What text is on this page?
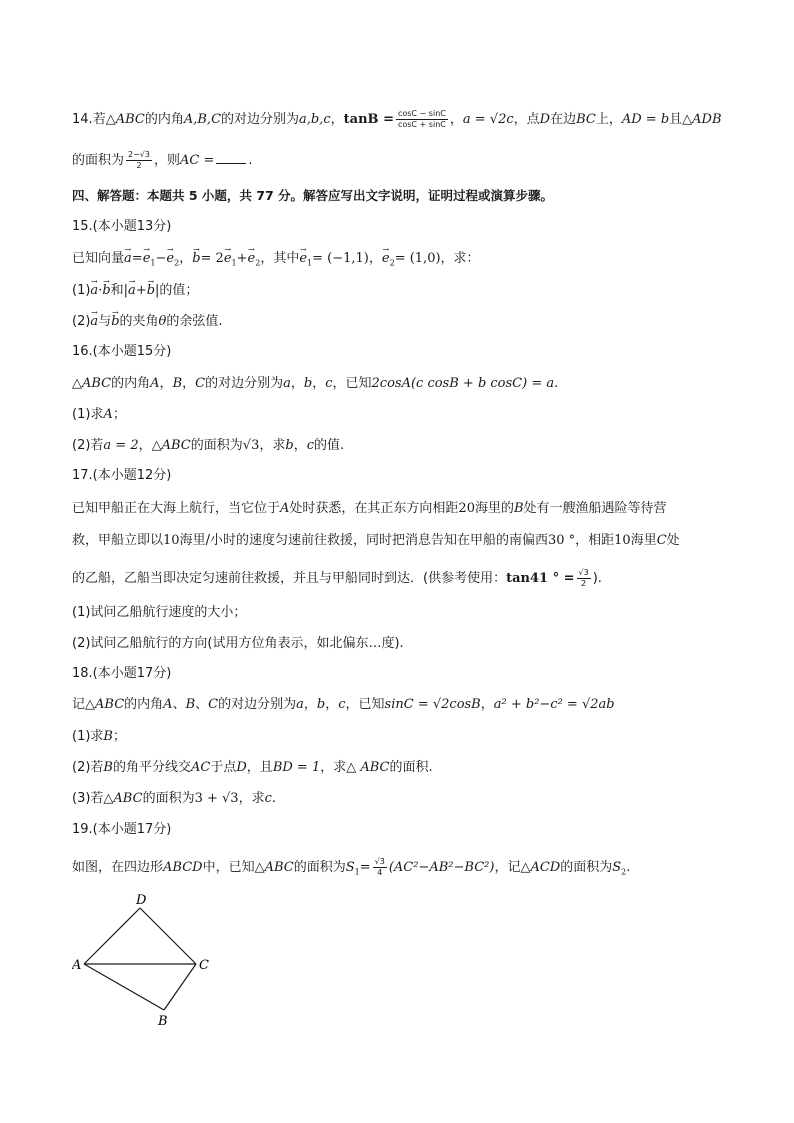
14.若△ABC的内角A,B,C的对边分别为a,b,c，$\tan B = \frac{\cos C - \sin C}{\cos C + \sin C}$ ，a = √2c，点D在边BC上，AD = b且△ADB
的面积为 $\frac{2-√3}{2}$ ，则AC =	.
四、解答题：本题共 5 小题，共 77 分。解答应写出文字说明，证明过程或演算步骤。
15.(本小题13分)
已知向量→ $a=\to e_1-\to e_2$，→ $b= 2\to e_1+\to e_2$，其中→ $e_1= (-1,1)$，→ $e_2= (1,0)$，求：
(1)→ a·→ b和|→ a+→ b|的值；
(2)→ a与→ b的夹角θ的余弦值.
16.(本小题15分)
△ABC的内角A，B，C的对边分别为a，b，c，已知2cosA(c cosB + b cosC) = a.
(1)求A；
(2)若a = 2，△ABC的面积为√3，求b，c的值.
17.(本小题12分)
已知甲船正在大海上航行，当它位于A处时获悉，在其正东方向相距20海里的B处有一艘渔船遇险等待营
救，甲船立即以10海里/小时的速度匀速前往救援，同时把消息告知在甲船的南偏西30 °，相距10海里C处
的乙船，乙船当即决定匀速前往救援，并且与甲船同时到达．(供参考使用：tan41 ° = $\frac{√3}{2}$ ).
(1)试问乙船航行速度的大小；
(2)试问乙船航行的方向(试用方位角表示，如北偏东…度).
18.(本小题17分)
记△ABC的内角A、B、C的对边分别为a，b，c，已知sinC = √2cosB，a² + b²−c² = √2ab
(1)求B；
(2)若B的角平分线交AC于点D，且BD = 1，求△ ABC的面积.
(3)若△ABC的面积为3 + √3，求c.
19.(本小题17分)
如图，在四边形ABCD中，已知△ABC的面积为$S_1= \frac{√3}{4} (AC^2-AB^2-BC^2)$，记△ACD的面积为$S_2$.
D
A	C
B
